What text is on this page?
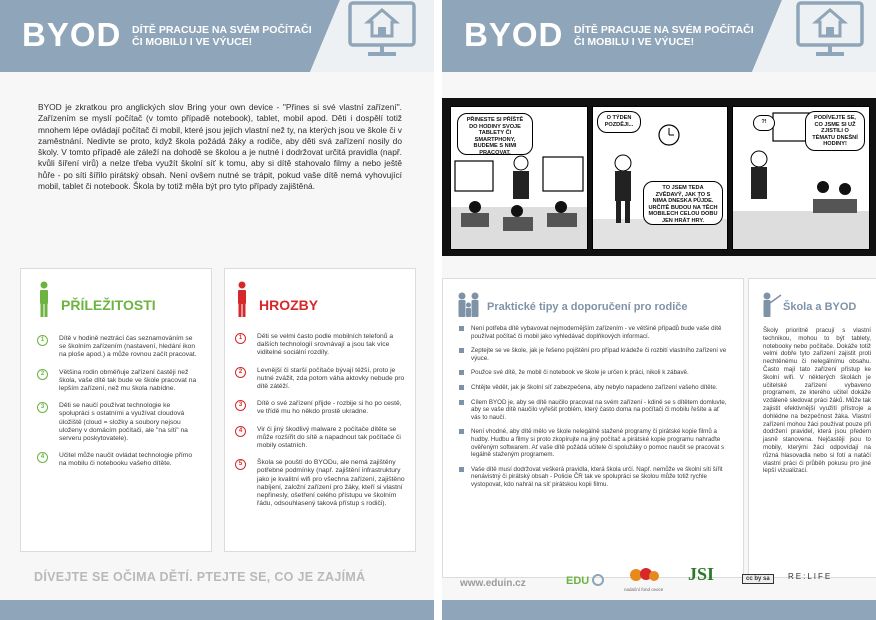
BYOD DÍTĚ PRACUJE NA SVÉM POČÍTAČI
ČI MOBILU I VE VÝUCE!
BYOD je zkratkou pro anglických slov Bring your own device - "Přines si své vlastní zařízení". Zařízením se myslí počítač (v tomto případě notebook), tablet, mobil apod. Děti i dospělí totiž mnohem lépe ovládají počítač či mobil, které jsou jejich vlastní než ty, na kterých jsou ve škole či v zaměstnání. Nedivte se proto, když škola požádá žáky a rodiče, aby děti svá zařízení nosily do školy. V tomto případě ale záleží na dohodě se školou a je nutné i dodržovat určitá pravidla (např. kvůli šíření virů) a nelze třeba využít školní síť k tomu, aby si dítě stahovalo filmy a nebo ještě hůře - po síti šířilo pirátský obsah. Není ovšem nutné se trápit, pokud vaše dítě nemá vyhovující mobil, tablet či notebook. Škola by totiž měla být pro tyto případy zajištěná.
PŘÍLEŽITOSTI
1	Dítě v hodině neztrácí čas seznamováním se se školním zařízením (nastavení, hledání ikon na ploše apod.) a může rovnou začít pracovat.
2	Většina rodin obměňuje zařízení častěji než škola, vaše dítě tak bude ve škole pracovat na lepším zařízení, než mu škola nabídne.
3	Děti se naučí používat technologie ke spolupráci s ostatními a využívat cloudová úložiště (cloud = složky a soubory nejsou uloženy v domácím počítači, ale "na síti" na serveru poskytovatele).
4	Učitel může naučit ovládat technologie přímo na mobilu či notebooku vašeho dítěte.
HROZBY
1	Děti se velmi často podle mobilních telefonů a dalších technologií srovnávají a jsou tak více viditelné sociální rozdíly.
2	Levnější či starší počítače bývají těžší, proto je nutné zvážit, zda potom váha aktovky nebude pro dítě zátěží.
3	Dítě o své zařízení přijde - rozbije si ho po cestě, ve třídě mu ho někdo prostě ukradne.
4	Vir či jiný škodlivý malware z počítače dítěte se může rozšířit do sítě a napadnout tak počítače či mobily ostatních.
5	Škola se pouští do BYODu, ale nemá zajištěny potřebné podmínky (např. zajištění infrastruktury jako je kvalitní wifi pro všechna zařízení, zajištěno nabíjení, založní zařízení pro žáky, kteří si vlastní nepřinesly, ošetření celého přístupu ve školním řádu, odsouhlasený taková přístup s rodiči).
DÍVEJTE SE OČIMA DĚTÍ. PTEJTE SE, CO JE ZAJÍMÁ
BYOD DÍTĚ PRACUJE NA SVÉM POČÍTAČI
ČI MOBILU I VE VÝUCE!
PŘINESTE SI PŘÍŠTĚ DO HODINY SVOJE TABLETY ČI SMARTPHONY, BUDEME S NIMI PRACOVAT.
O TÝDEN POZDĚJI...
TO JSEM TEDA ZVĚDAVÝ, JAK TO S NIMA DNESKA PŮJDE. URČITĚ BUDOU NA TĚCH MOBILECH CELOU DOBU JEN HRÁT HRY.
?!
PODÍVEJTE SE, CO JSME SI UŽ ZJISTILI O TÉMATU DNEŠNÍ HODINY!
Praktické tipy a doporučení pro rodiče
Není potřeba dítě vybavovat nejmodernějším zařízením - ve většině případů bude vaše dítě používat počítač či mobil jako vyhledávač doplňkových informací.
Zeptejte se ve škole, jak je řešeno pojištění pro případ krádeže či rozbití vlastního zařízení ve výuce.
Použce své dítě, že mobil či notebook ve škole je určen k práci, nikoli k zábavě.
Chtějte vědět, jak je školní síť zabezpečena, aby nebylo napadeno zařízení vašeho dítěte.
Cílem BYOD je, aby se dítě naučilo pracovat na svém zařízení - kdině se s dítětem domluvte, aby se vaše dítě naučilo vyřešit problém, který často doma na počítači či mobilu řešíte a ať vás to naučí.
Není vhodné, aby dítě mělo ve škole nelegálně stažené programy či pirátské kopie filmů a hudby. Hudbu a filmy si proto zkopírujte na jiný počítač a pirátské kopie programu nahraďte ověřeným softwarem. Ať vaše dítě požádá učitele či spolužáky o pomoc naučit se pracovat s legálně staženým programem.
Vaše dítě musí dodržovat veškerá pravidla, která škola určí. Např. nemůže ve školní síti šířit nenávistný či pirátský obsah - Policie ČR tak ve spolupráci se školou může totiž rychle vystopovat, kdo nahrál na síť pirátskou kopii filmu.
Škola a BYOD
Školy prioritně pracují s vlastní technikou, mohou to být tablety, notebooky nebo počítače. Dokáže totiž velmi dobře tyto zařízení zajistit proti nechtěnému či nelegálnímu obsahu. Často mají tato zařízení přístup ke školní wifi. V některých školách je učitelské zařízení vybaveno programem, ze kterého učitel dokáže vzdáleně sledovat práci žáků. Může tak zajistit efektivnější využití přístroje a dohlédne na bezpečnost žáka. Vlastní zařízení mohou žáci používat pouze při dodržení pravidel, která jsou předem jasně stanovena. Nejčastěji jsou to mobily, kterými žáci odpovídají na různá hlasovadla nebo si fotí a natáčí vlastní práci či průběh pokusu pro jiné lepší vizualizaci.
www.eduin.cz	EDU
nadační fond ovoce
JSI	cc by sa	RE:LIFE
